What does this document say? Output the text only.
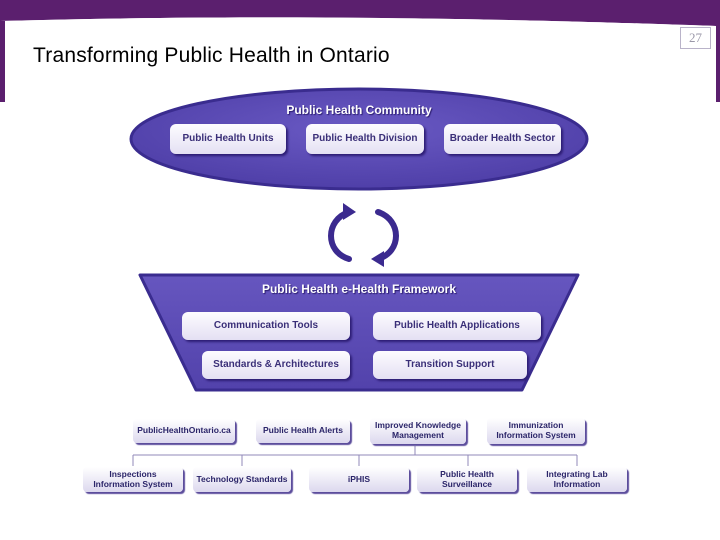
Transforming Public Health in Ontario
27
Public Health Community
Public Health Units	Public Health Division	Broader Health Sector
Public Health e-Health Framework
Communication Tools	Public Health Applications
Standards & Architectures	Transition Support
PublicHealthOntario.ca	Public Health Alerts	Improved Knowledge Management
Immunization Information System
Inspections Information System	Technology Standards	iPHIS	Public Health Surveillance
Integrating Lab Information
